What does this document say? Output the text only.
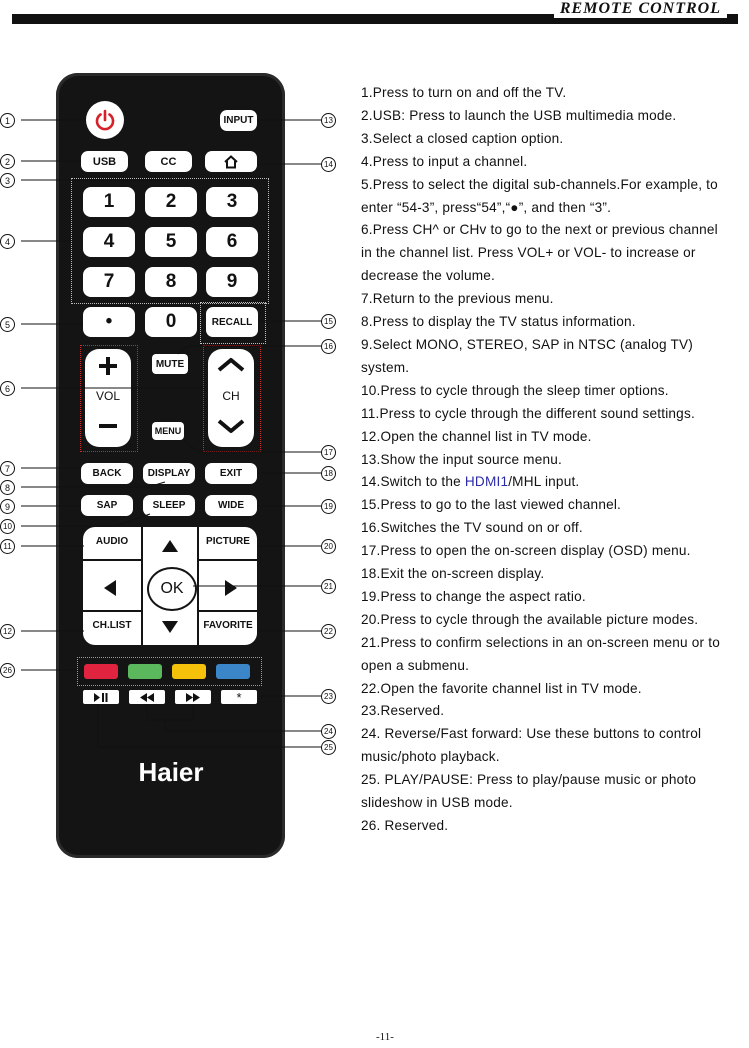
REMOTE CONTROL
INPUT
USB	CC
1	2	3
4	5	6
7	8	9
•	0	RECALL
VOL
MUTE
MENU
CH
BACK	DISPLAY	EXIT
SAP	SLEEP	WIDE
AUDIO	PICTURE
CH.LIST	FAVORITE
OK
*
Haier
1
2
3
4
5
6
7
8
9
10
11
12
26
13
14
15
16
17
18
19
20
21
22
23
24
25
1.Press to turn on and off the TV.
2.USB: Press to launch the USB multimedia mode.
3.Select a closed caption option.
4.Press to input a channel.
5.Press to select the digital sub-channels.For example, to
enter “54-3”, press“54”,“●”, and then “3”.
6.Press CH^ or CHv to go to the next or previous channel
in the channel list. Press VOL+ or VOL- to increase or
decrease the volume.
7.Return to the previous menu.
8.Press to display the TV status information.
9.Select MONO, STEREO, SAP in NTSC (analog TV)
system.
10.Press to cycle through the sleep timer options.
11.Press to cycle through the different sound settings.
12.Open the channel list in TV mode.
13.Show the input source menu.
14.Switch to the HDMI1/MHL input.
15.Press to go to the last viewed channel.
16.Switches the TV sound on or off.
17.Press to open the on-screen display (OSD) menu.
18.Exit the on-screen display.
19.Press to change the aspect ratio.
20.Press to cycle through the available picture modes.
21.Press to confirm selections in an on-screen menu or to
open a submenu.
22.Open the favorite channel list in TV mode.
23.Reserved.
24. Reverse/Fast forward: Use these buttons to control
music/photo playback.
25. PLAY/PAUSE: Press to play/pause music or photo
slideshow in USB mode.
26. Reserved.
-11-
